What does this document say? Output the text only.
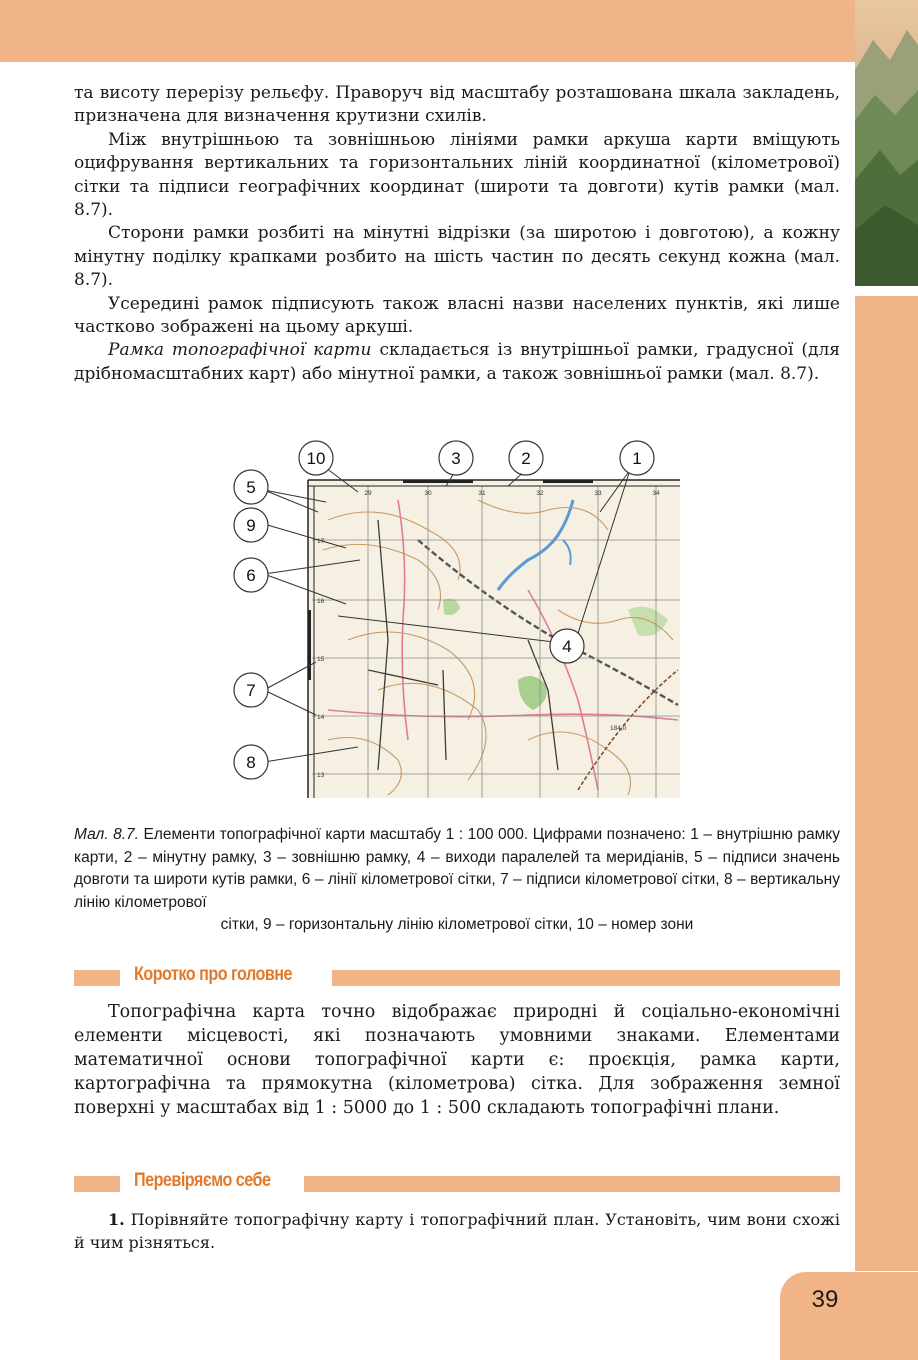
та висоту перерізу рельєфу. Праворуч від масштабу розташована шкала закладень, призначена для визначення крутизни схилів.

Між внутрішньою та зовнішньою лініями рамки аркуша карти вміщують оцифрування вертикальних та горизонтальних ліній координатної (кілометрової) сітки та підписи географічних координат (широти та довготи) кутів рамки (мал. 8.7).

Сторони рамки розбиті на мінутні відрізки (за широтою і довготою), а кожну мінутну поділку крапками розбито на шість частин по десять секунд кожна (мал. 8.7).

Усередині рамок підписують також власні назви населених пунктів, які лише частково зображені на цьому аркуші.

Рамка топографічної карти складається із внутрішньої рамки, градусної (для дрібномасштабних карт) або мінутної рамки, а також зовнішньої рамки (мал. 8.7).

29	30	31	32	33	34
17
16
15
14
13
184,0
10	3	2	1
5
9
6
4
7
8
Мал. 8.7. Елементи топографічної карти масштабу 1 : 100 000. Цифрами позначено: 1 – внутрішню рамку карти, 2 – мінутну рамку, 3 – зовнішню рамку, 4 – виходи паралелей та меридіанів, 5 – підписи значень довготи та широти кутів рамки, 6 – лінії кілометрової сітки, 7 – підписи кілометрової сітки, 8 – вертикальну лінію кілометрової
сітки, 9 – горизонтальну лінію кілометрової сітки, 10 – номер зони
Коротко про головне

Топографічна карта точно відображає природні й соціально-економічні елементи місцевості, які позначають умовними знаками. Елементами математичної основи топографічної карти є: проєкція, рамка карти, картографічна та прямокутна (кілометрова) сітка. Для зображення земної поверхні у масштабах від 1 : 5000 до 1 : 500 складають топографічні плани.

Перевіряємо себе

1. Порівняйте топографічну карту і топографічний план. Установіть, чим вони схожі й чим різняться.

39
